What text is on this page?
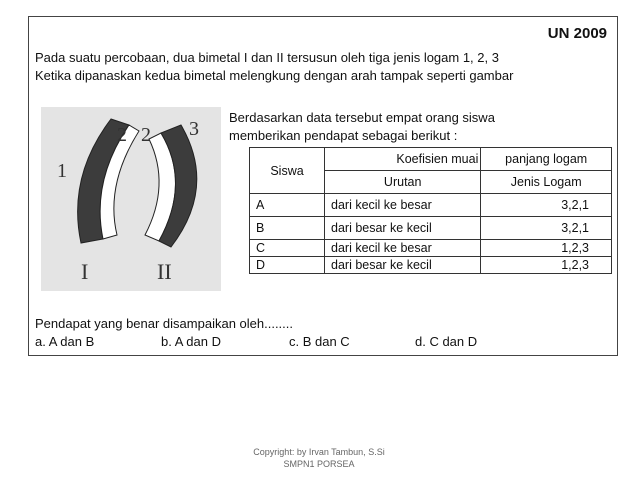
UN 2009
Pada suatu percobaan, dua bimetal I dan II tersusun oleh tiga jenis logam 1, 2, 3
Ketika dipanaskan kedua bimetal melengkung dengan arah tampak seperti gambar
1
2
I
2 3
II
Berdasarkan data tersebut empat orang siswa
memberikan pendapat sebagai berikut :
Siswa	Koefisien muai	panjang logam
	Urutan	Jenis Logam
A	dari kecil ke besar	3,2,1
B	dari besar ke kecil	3,2,1
C	dari kecil ke besar	1,2,3
D	dari besar ke kecil	1,2,3
Pendapat yang benar disampaikan oleh........
a. A dan B	b. A dan D	c. B dan C	d. C dan D
Copyright: by Irvan Tambun, S.Si
SMPN1 PORSEA
